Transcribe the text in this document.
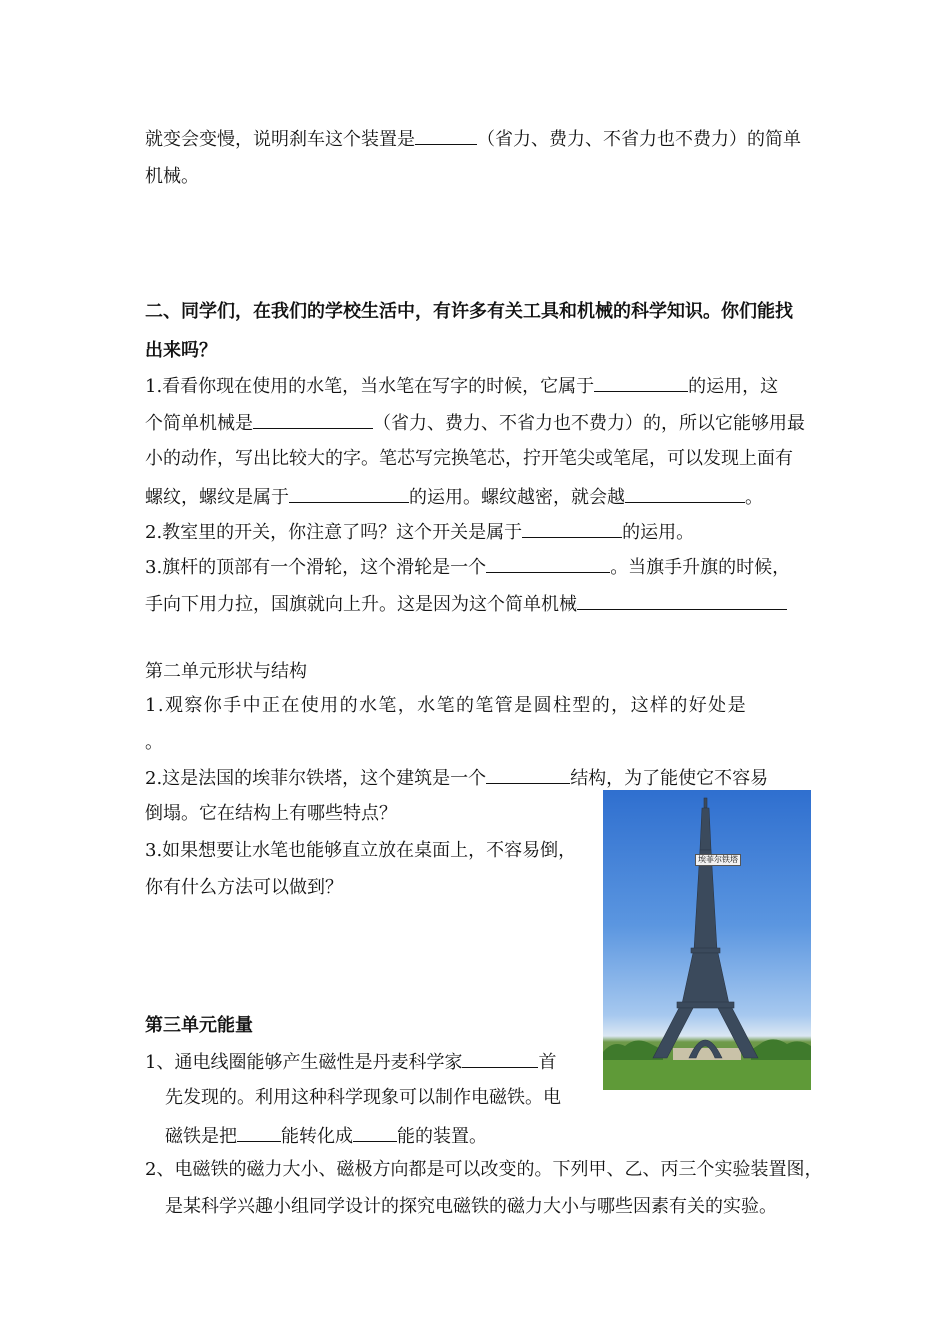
就变会变慢，说明刹车这个装置是	（省力、费力、不省力也不费力）的简单
机械。
二、同学们，在我们的学校生活中，有许多有关工具和机械的科学知识。你们能找
出来吗？
1.看看你现在使用的水笔，当水笔在写字的时候，它属于	的运用，这
个简单机械是	（省力、费力、不省力也不费力）的，所以它能够用最
小的动作，写出比较大的字。笔芯写完换笔芯，拧开笔尖或笔尾，可以发现上面有
螺纹，螺纹是属于	的运用。螺纹越密，就会越	。
2.教室里的开关，你注意了吗？这个开关是属于	的运用。
3.旗杆的顶部有一个滑轮，这个滑轮是一个	。当旗手升旗的时候，
手向下用力拉，国旗就向上升。这是因为这个简单机械
第二单元形状与结构
1.观察你手中正在使用的水笔，水笔的笔管是圆柱型的，这样的好处是
。
2.这是法国的埃菲尔铁塔，这个建筑是一个	结构，为了能使它不容易
倒塌。它在结构上有哪些特点？
3.如果想要让水笔也能够直立放在桌面上，不容易倒，
你有什么方法可以做到？
埃菲尔铁塔
第三单元能量
1、通电线圈能够产生磁性是丹麦科学家	首
先发现的。利用这种科学现象可以制作电磁铁。电
磁铁是把 能转化成 能的装置。
2、电磁铁的磁力大小、磁极方向都是可以改变的。下列甲、乙、丙三个实验装置图，
是某科学兴趣小组同学设计的探究电磁铁的磁力大小与哪些因素有关的实验。
